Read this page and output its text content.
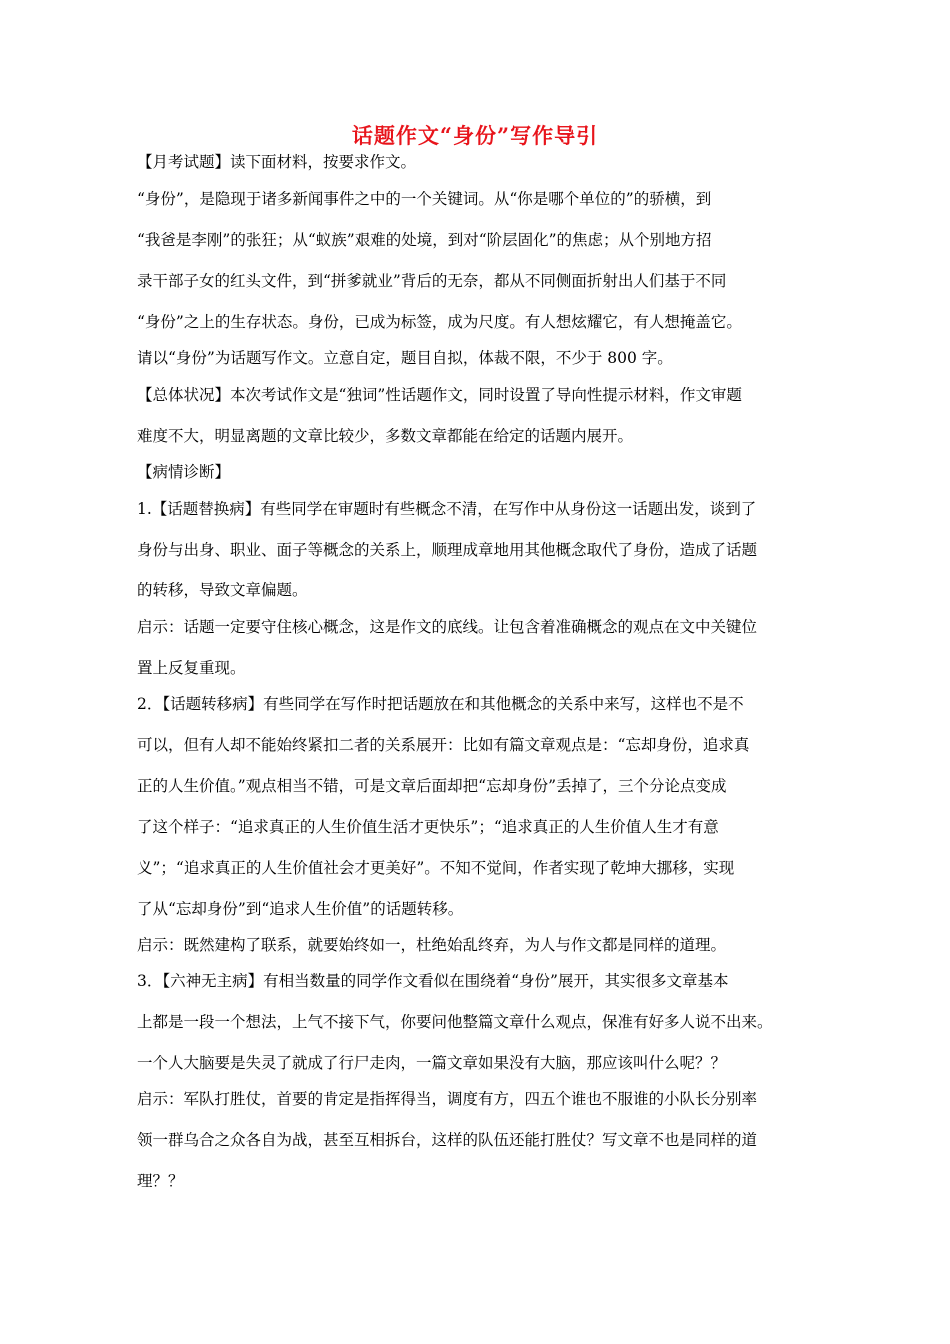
话题作文“身份”写作导引
【月考试题】读下面材料，按要求作文。
“身份”，是隐现于诸多新闻事件之中的一个关键词。从“你是哪个单位的”的骄横，到
“我爸是李刚”的张狂；从“蚁族”艰难的处境，到对“阶层固化”的焦虑；从个别地方招
录干部子女的红头文件，到“拼爹就业”背后的无奈，都从不同侧面折射出人们基于不同
“身份”之上的生存状态。身份，已成为标签，成为尺度。有人想炫耀它，有人想掩盖它。
请以“身份”为话题写作文。立意自定，题目自拟，体裁不限，不少于 800 字。
【总体状况】本次考试作文是“独词”性话题作文，同时设置了导向性提示材料，作文审题
难度不大，明显离题的文章比较少，多数文章都能在给定的话题内展开。
【病情诊断】
1.【话题替换病】有些同学在审题时有些概念不清，在写作中从身份这一话题出发，谈到了
身份与出身、职业、面子等概念的关系上，顺理成章地用其他概念取代了身份，造成了话题
的转移，导致文章偏题。
启示：话题一定要守住核心概念，这是作文的底线。让包含着准确概念的观点在文中关键位
置上反复重现。
2．【话题转移病】有些同学在写作时把话题放在和其他概念的关系中来写，这样也不是不
可以，但有人却不能始终紧扣二者的关系展开：比如有篇文章观点是：“忘却身份，追求真
正的人生价值。”观点相当不错，可是文章后面却把“忘却身份”丢掉了，三个分论点变成
了这个样子：“追求真正的人生价值生活才更快乐”；“追求真正的人生价值人生才有意
义”；“追求真正的人生价值社会才更美好”。不知不觉间，作者实现了乾坤大挪移，实现
了从“忘却身份”到“追求人生价值”的话题转移。
启示：既然建构了联系，就要始终如一，杜绝始乱终弃，为人与作文都是同样的道理。
3．【六神无主病】有相当数量的同学作文看似在围绕着“身份”展开，其实很多文章基本
上都是一段一个想法，上气不接下气，你要问他整篇文章什么观点，保准有好多人说不出来。
一个人大脑要是失灵了就成了行尸走肉，一篇文章如果没有大脑，那应该叫什么呢？？
启示：军队打胜仗，首要的肯定是指挥得当，调度有方，四五个谁也不服谁的小队长分别率
领一群乌合之众各自为战，甚至互相拆台，这样的队伍还能打胜仗？写文章不也是同样的道
理？？
